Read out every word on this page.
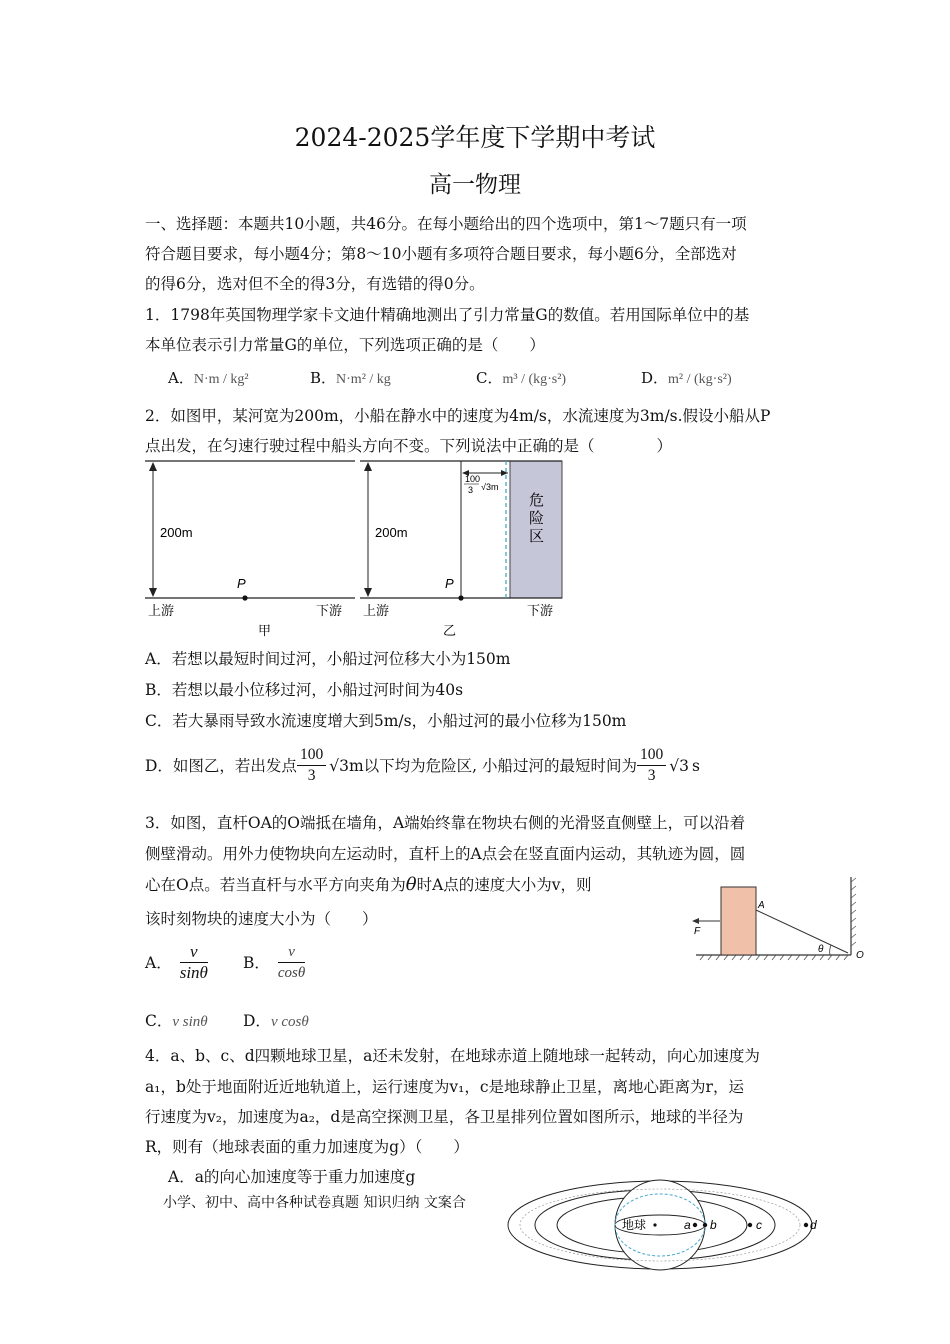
2024-2025学年度下学期中考试
高一物理
一、选择题：本题共10小题，共46分。在每小题给出的四个选项中，第1～7题只有一项
符合题目要求，每小题4分；第8～10小题有多项符合题目要求，每小题6分，全部选对
的得6分，选对但不全的得3分，有选错的得0分。
1．1798年英国物理学家卡文迪什精确地测出了引力常量G的数值。若用国际单位中的基
本单位表示引力常量G的单位，下列选项正确的是（　　）
A．N·m / kg²	B．N·m² / kg	C．m³ / (kg·s²)	D．m² / (kg·s²)
2．如图甲，某河宽为200m，小船在静水中的速度为4m/s，水流速度为3m/s.假设小船从P
点出发，在匀速行驶过程中船头方向不变。下列说法中正确的是（　　　　）
200m
P
上游	下游
甲
200m
100
3 √3m
危
险
区
P
上游	下游
乙
A．若想以最短时间过河，小船过河位移大小为150m
B．若想以最小位移过河，小船过河时间为40s
C．若大暴雨导致水流速度增大到5m/s，小船过河的最小位移为150m
D．如图乙，若出发点 $\frac{100}{3} √3$ m以下均为危险区, 小船过河的最短时间为 $\frac{100}{3} √3$ s
3．如图，直杆OA的O端抵在墙角，A端始终靠在物块右侧的光滑竖直侧壁上，可以沿着
侧壁滑动。用外力使物块向左运动时，直杆上的A点会在竖直面内运动，其轨迹为圆，圆
心在O点。若当直杆与水平方向夹角为θ时A点的速度大小为v，则
该时刻物块的速度大小为（　　）
A
F
O
θ
A． $\frac{v}{\sin\theta}$ B． $\frac{v}{\cos\theta}$
C．v sinθ D．v cosθ
4．a、b、c、d四颗地球卫星，a还未发射，在地球赤道上随地球一起转动，向心加速度为
a₁，b处于地面附近近地轨道上，运行速度为v₁，c是地球静止卫星，离地心距离为r，运
行速度为v₂，加速度为a₂，d是高空探测卫星，各卫星排列位置如图所示，地球的半径为
R，则有（地球表面的重力加速度为g）（　　）
A．a的向心加速度等于重力加速度g
小学、初中、高中各种试卷真题 知识归纳 文案合
地球	a b	c	d
